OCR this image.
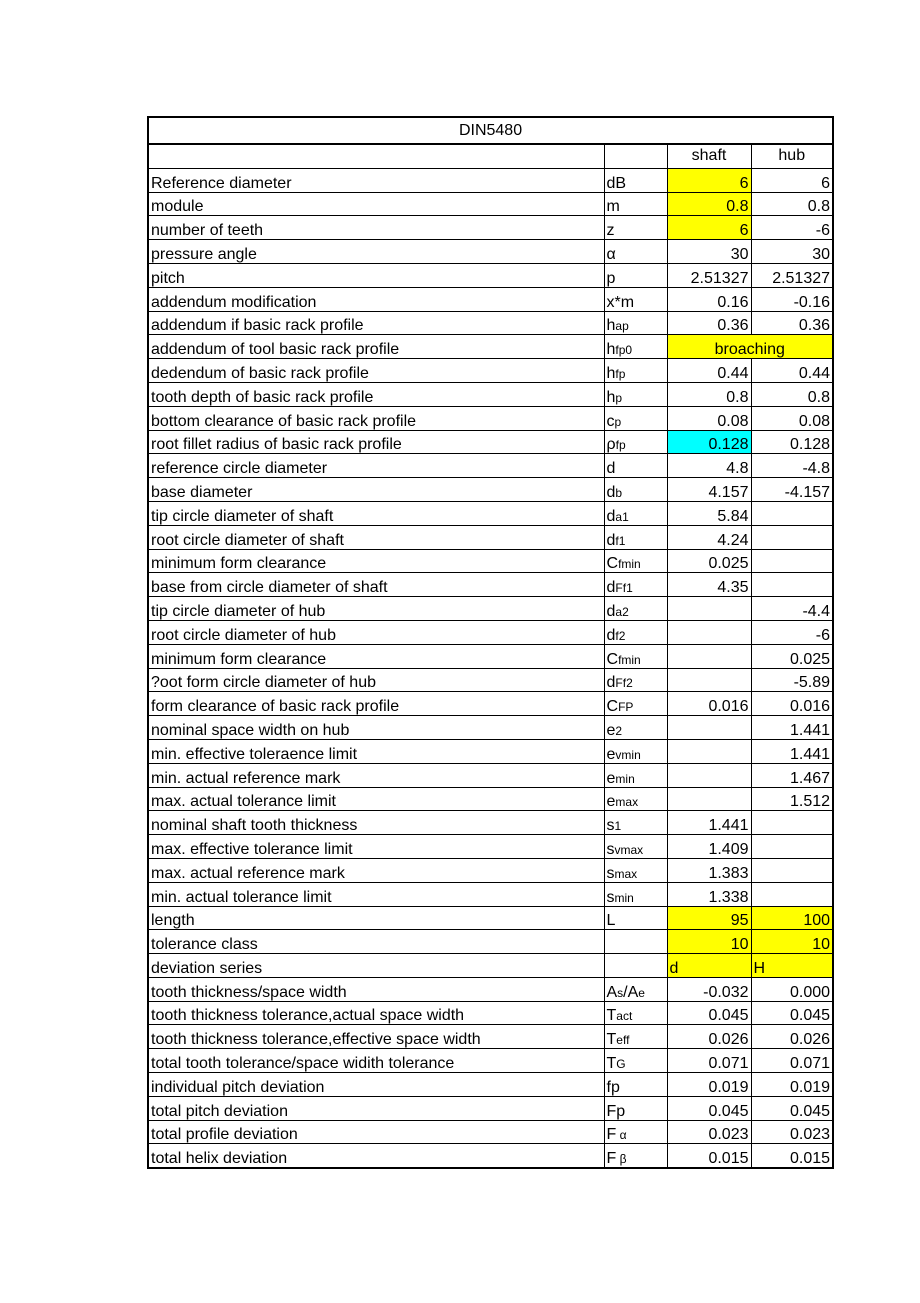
DIN5480			
		shaft	hub
Reference diameter	dB	6	6
module	m	0.8	0.8
number of teeth	z	6	-6
pressure angle	α	30	30
pitch	p	2.51327	2.51327
addendum modification	x*m	0.16	-0.16
addendum if basic rack profile	hap	0.36	0.36
addendum of tool basic rack profile	hfp0	broaching	
dedendum of basic rack profile	hfp	0.44	0.44
tooth depth of basic rack profile	hp	0.8	0.8
bottom clearance of basic rack profile	cp	0.08	0.08
root fillet radius of basic rack profile	ρfp	0.128	0.128
reference circle diameter	d	4.8	-4.8
base diameter	db	4.157	-4.157
tip circle diameter of shaft	da1	5.84	
root circle diameter of shaft	df1	4.24	
minimum form clearance	Cfmin	0.025	
base from circle diameter of shaft	dFf1	4.35	
tip circle diameter of hub	da2		-4.4
root circle diameter of hub	df2		-6
minimum form clearance	Cfmin		0.025
?oot form circle diameter of hub	dFf2		-5.89
form clearance of basic rack profile	CFP	0.016	0.016
nominal space width on hub	e2		1.441
min. effective toleraence limit	evmin		1.441
min. actual reference mark	emin		1.467
max. actual tolerance limit	emax		1.512
nominal shaft tooth thickness	s1	1.441	
max. effective tolerance limit	svmax	1.409	
max. actual reference mark	smax	1.383	
min. actual tolerance limit	smin	1.338	
length	L	95	100
tolerance class		10	10
deviation series		d	H
tooth thickness/space width	As/Ae	-0.032	0.000
tooth thickness tolerance,actual space width	Tact	0.045	0.045
tooth thickness tolerance,effective space width	Teff	0.026	0.026
total tooth tolerance/space widith tolerance	TG	0.071	0.071
individual pitch deviation	fp	0.019	0.019
total pitch deviation	Fp	0.045	0.045
total profile deviation	F α	0.023	0.023
total helix deviation	F β	0.015	0.015
